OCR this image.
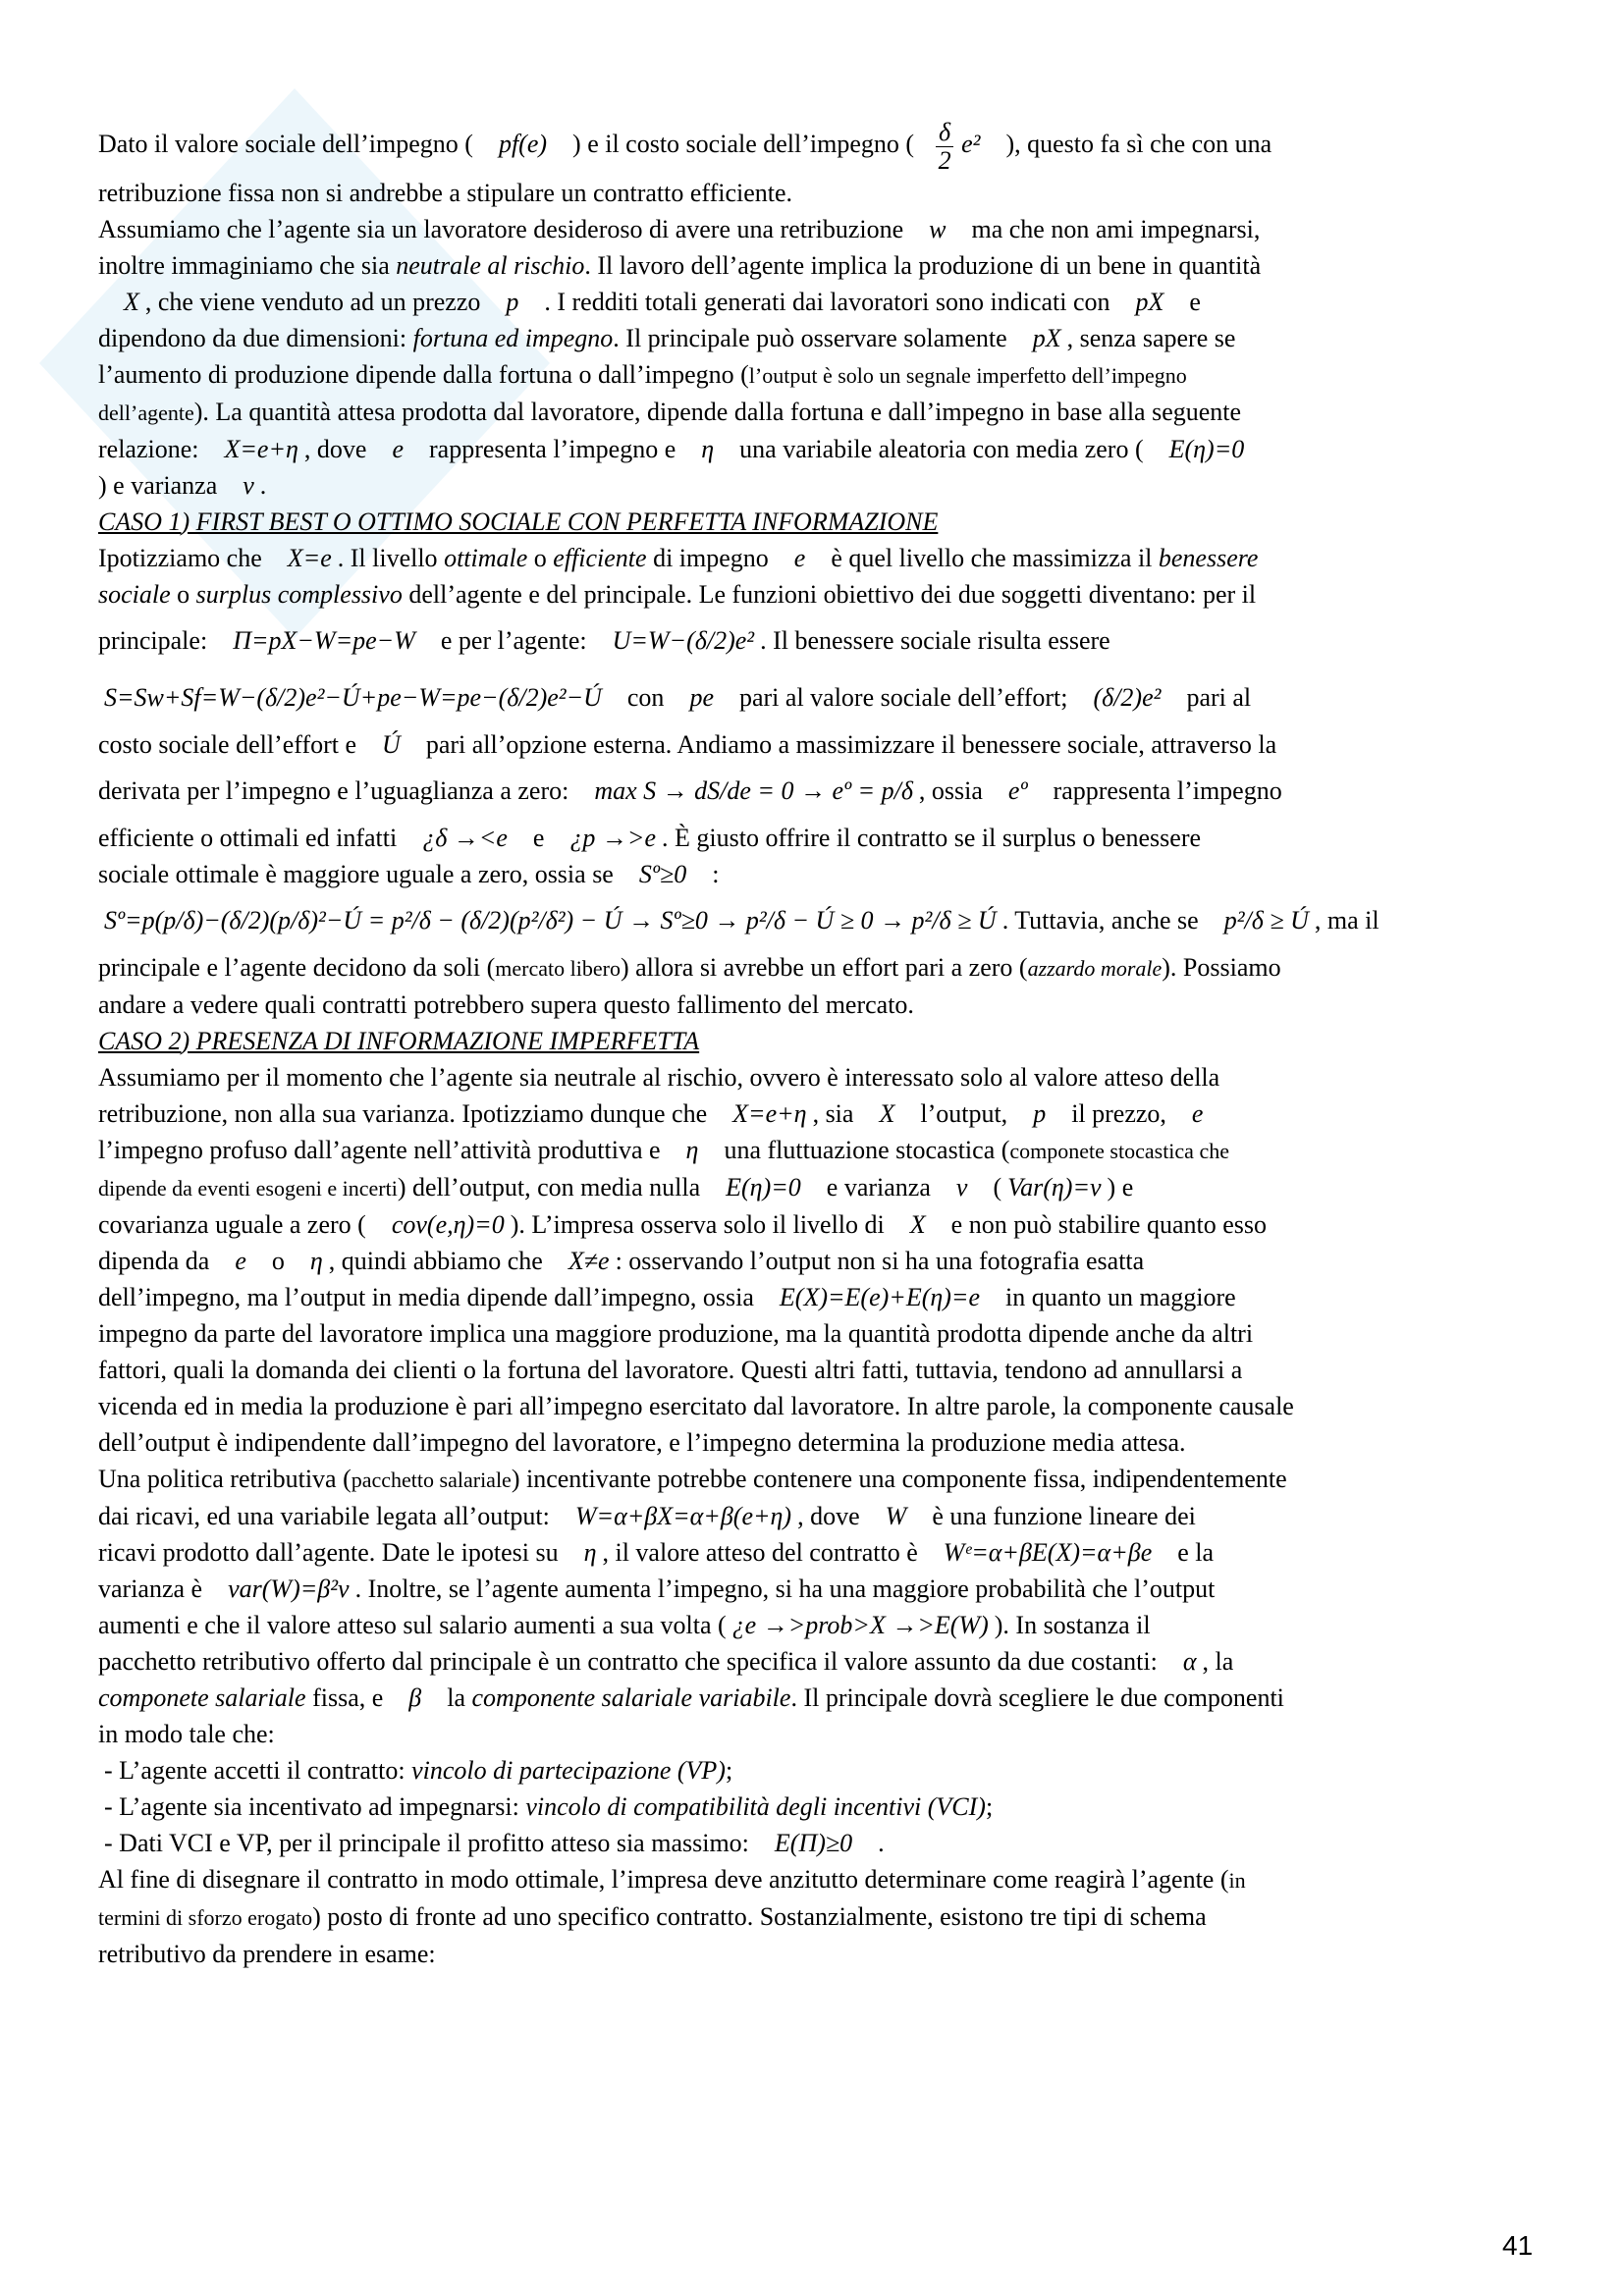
Dato il valore sociale dell’impegno ( pf(e) ) e il costo sociale dell’impegno ( $\frac{\delta}{2} e^2$ ), questo fa sì che con una

retribuzione fissa non si andrebbe a stipulare un contratto efficiente.

Assumiamo che l’agente sia un lavoratore desideroso di avere una retribuzione w ma che non ami impegnarsi,

inoltre immaginiamo che sia neutrale al rischio. Il lavoro dell’agente implica la produzione di un bene in quantità

X , che viene venduto ad un prezzo p . I redditi totali generati dai lavoratori sono indicati con pX e

dipendono da due dimensioni: fortuna ed impegno. Il principale può osservare solamente pX , senza sapere se

l’aumento di produzione dipende dalla fortuna o dall’impegno (l’output è solo un segnale imperfetto dell’impegno

dell’agente). La quantità attesa prodotta dal lavoratore, dipende dalla fortuna e dall’impegno in base alla seguente

relazione: X=e+η , dove e rappresenta l’impegno e η una variabile aleatoria con media zero ( E(η)=0

) e varianza v .

CASO 1) FIRST BEST O OTTIMO SOCIALE CON PERFETTA INFORMAZIONE

Ipotizziamo che X=e . Il livello ottimale o efficiente di impegno e è quel livello che massimizza il benessere

sociale o surplus complessivo dell’agente e del principale. Le funzioni obiettivo dei due soggetti diventano: per il

principale: Π=pX−W=pe−W e per l’agente: U=W−(δ/2)e² . Il benessere sociale risulta essere

S=Sw+Sf=W−(δ/2)e²−Ú+pe−W=pe−(δ/2)e²−Ú con pe pari al valore sociale dell’effort; (δ/2)e² pari al

costo sociale dell’effort e Ú pari all’opzione esterna. Andiamo a massimizzare il benessere sociale, attraverso la

derivata per l’impegno e l’uguaglianza a zero: max S → dS/de = 0 → eº = p/δ , ossia eº rappresenta l’impegno

efficiente o ottimali ed infatti ¿δ →<e e ¿p →>e . È giusto offrire il contratto se il surplus o benessere

sociale ottimale è maggiore uguale a zero, ossia se Sº≥0 :

Sº=p(p/δ)−(δ/2)(p/δ)²−Ú = p²/δ − (δ/2)(p²/δ²) − Ú → Sº≥0 → p²/δ − Ú ≥ 0 → p²/δ ≥ Ú . Tuttavia, anche se p²/δ ≥ Ú , ma il

principale e l’agente decidono da soli (mercato libero) allora si avrebbe un effort pari a zero (azzardo morale). Possiamo

andare a vedere quali contratti potrebbero supera questo fallimento del mercato.

CASO 2) PRESENZA DI INFORMAZIONE IMPERFETTA

Assumiamo per il momento che l’agente sia neutrale al rischio, ovvero è interessato solo al valore atteso della

retribuzione, non alla sua varianza. Ipotizziamo dunque che X=e+η , sia X l’output, p il prezzo, e

l’impegno profuso dall’agente nell’attività produttiva e η una fluttuazione stocastica (componete stocastica che

dipende da eventi esogeni e incerti) dell’output, con media nulla E(η)=0 e varianza v ( Var(η)=v ) e

covarianza uguale a zero ( cov(e,η)=0 ). L’impresa osserva solo il livello di X e non può stabilire quanto esso

dipenda da e o η , quindi abbiamo che X≠e : osservando l’output non si ha una fotografia esatta

dell’impegno, ma l’output in media dipende dall’impegno, ossia E(X)=E(e)+E(η)=e in quanto un maggiore

impegno da parte del lavoratore implica una maggiore produzione, ma la quantità prodotta dipende anche da altri

fattori, quali la domanda dei clienti o la fortuna del lavoratore. Questi altri fatti, tuttavia, tendono ad annullarsi a

vicenda ed in media la produzione è pari all’impegno esercitato dal lavoratore. In altre parole, la componente causale

dell’output è indipendente dall’impegno del lavoratore, e l’impegno determina la produzione media attesa.

Una politica retributiva (pacchetto salariale) incentivante potrebbe contenere una componente fissa, indipendentemente

dai ricavi, ed una variabile legata all’output: W=α+βX=α+β(e+η) , dove W è una funzione lineare dei

ricavi prodotto dall’agente. Date le ipotesi su η , il valore atteso del contratto è Wᵉ=α+βE(X)=α+βe e la

varianza è var(W)=β²v . Inoltre, se l’agente aumenta l’impegno, si ha una maggiore probabilità che l’output

aumenti e che il valore atteso sul salario aumenti a sua volta ( ¿e →>prob>X →>E(W) ). In sostanza il

pacchetto retributivo offerto dal principale è un contratto che specifica il valore assunto da due costanti: α , la

componete salariale fissa, e β la componente salariale variabile. Il principale dovrà scegliere le due componenti

in modo tale che:

- L’agente accetti il contratto: vincolo di partecipazione (VP);
- L’agente sia incentivato ad impegnarsi: vincolo di compatibilità degli incentivi (VCI);
- Dati VCI e VP, per il principale il profitto atteso sia massimo: E(Π)≥0 .

Al fine di disegnare il contratto in modo ottimale, l’impresa deve anzitutto determinare come reagirà l’agente (in

termini di sforzo erogato) posto di fronte ad uno specifico contratto. Sostanzialmente, esistono tre tipi di schema

retributivo da prendere in esame:

41
